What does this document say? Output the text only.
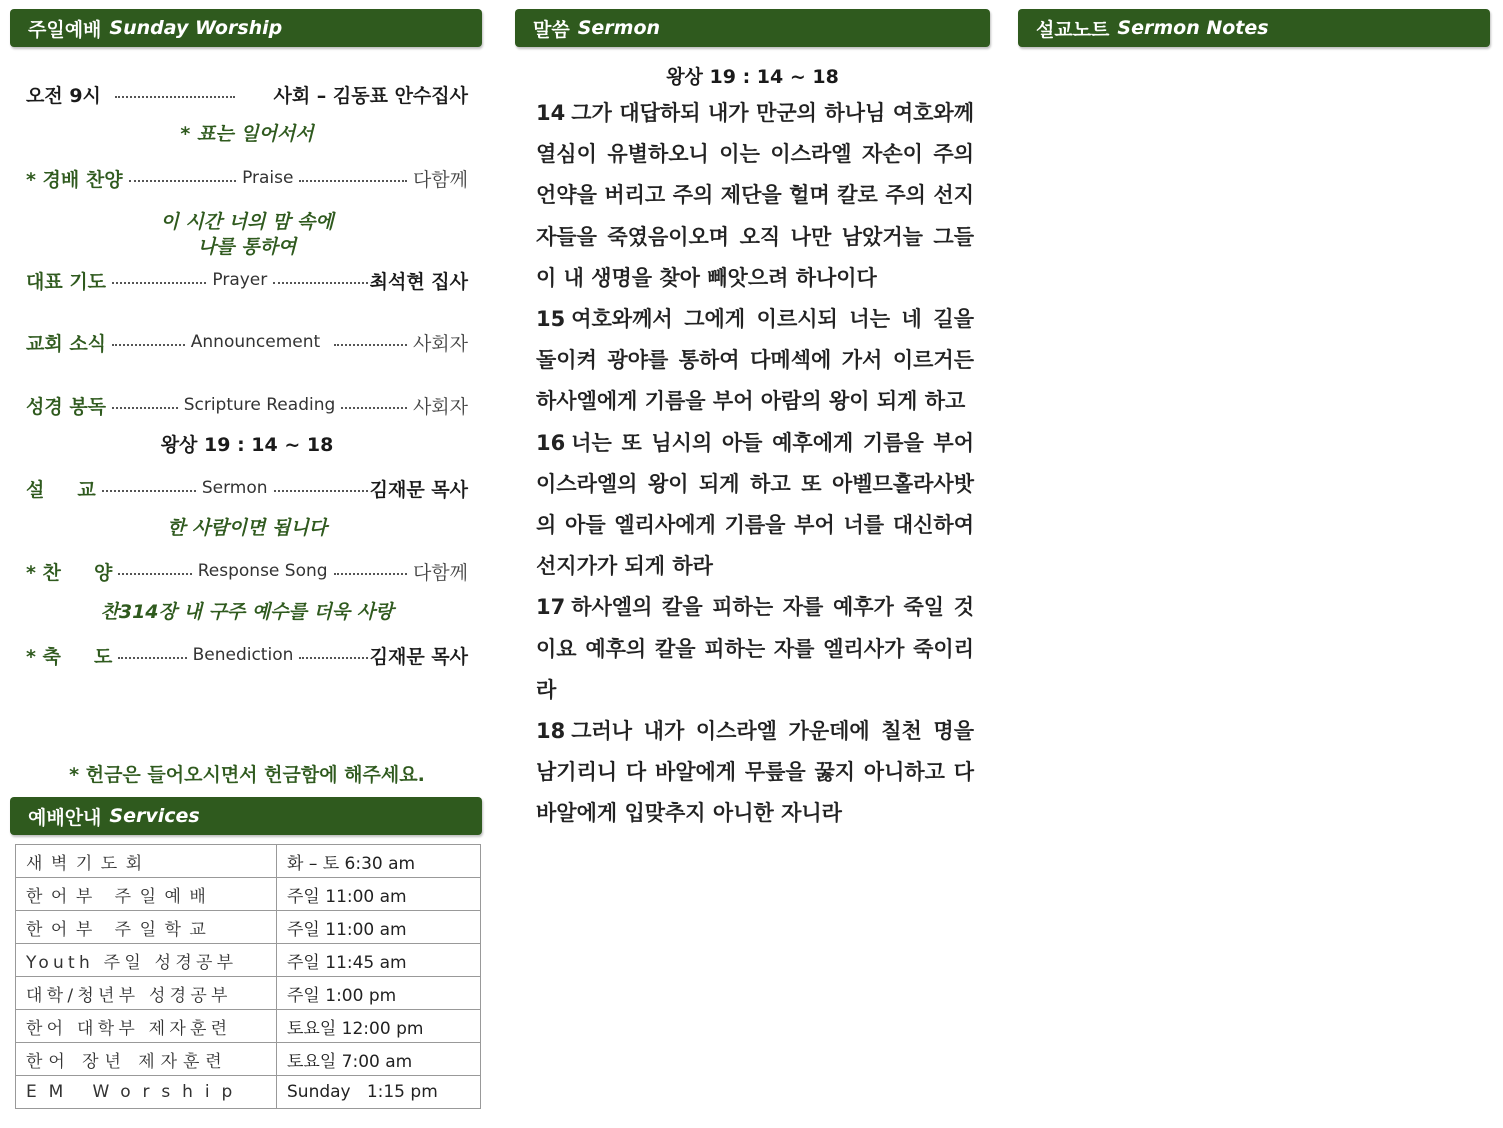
주일예배 Sunday Worship
오전 9시	사회 – 김동표 안수집사
* 표는 일어서서
* 경배 찬양	Praise	다함께
이 시간 너의 맘 속에
나를 통하여
대표 기도	Prayer	최석현 집사
교회 소식	Announcement	사회자
성경 봉독	Scripture Reading	사회자
왕상 19 : 14 ~ 18
설     교	Sermon	김재문 목사
한 사람이면 됩니다
* 찬     양	Response Song	다함께
찬314장 내 구주 예수를 더욱 사랑
* 축     도	Benediction	김재문 목사
* 헌금은 들어오시면서 헌금함에 해주세요.
예배안내 Services
새벽기도회	화 – 토 6:30 am
한어부 주일예배	주일 11:00 am
한어부 주일학교	주일 11:00 am
Youth 주일 성경공부	주일 11:45 am
대학/청년부 성경공부	주일 1:00 pm
한어 대학부 제자훈련	토요일 12:00 pm
한어 장년 제자훈련	토요일 7:00 am
EM Worship	Sunday   1:15 pm
말씀 Sermon
왕상 19 : 14 ~ 18

14 그가 대답하되 내가 만군의 하나님 여호와께 열심이 유별하오니 이는 이스라엘 자손이 주의 언약을 버리고 주의 제단을 헐며 칼로 주의 선지자들을 죽였음이오며 오직 나만 남았거늘 그들이 내 생명을 찾아 빼앗으려 하나이다

15 여호와께서 그에게 이르시되 너는 네 길을 돌이켜 광야를 통하여 다메섹에 가서 이르거든 하사엘에게 기름을 부어 아람의 왕이 되게 하고

16 너는 또 님시의 아들 예후에게 기름을 부어 이스라엘의 왕이 되게 하고 또 아벨므홀라사밧의 아들 엘리사에게 기름을 부어 너를 대신하여 선지가가 되게 하라

17 하사엘의 칼을 피하는 자를 예후가 죽일 것이요 예후의 칼을 피하는 자를 엘리사가 죽이리라

18 그러나 내가 이스라엘 가운데에 칠천 명을 남기리니 다 바알에게 무릎을 꿇지 아니하고 다 바알에게 입맞추지 아니한 자니라

설교노트 Sermon Notes
